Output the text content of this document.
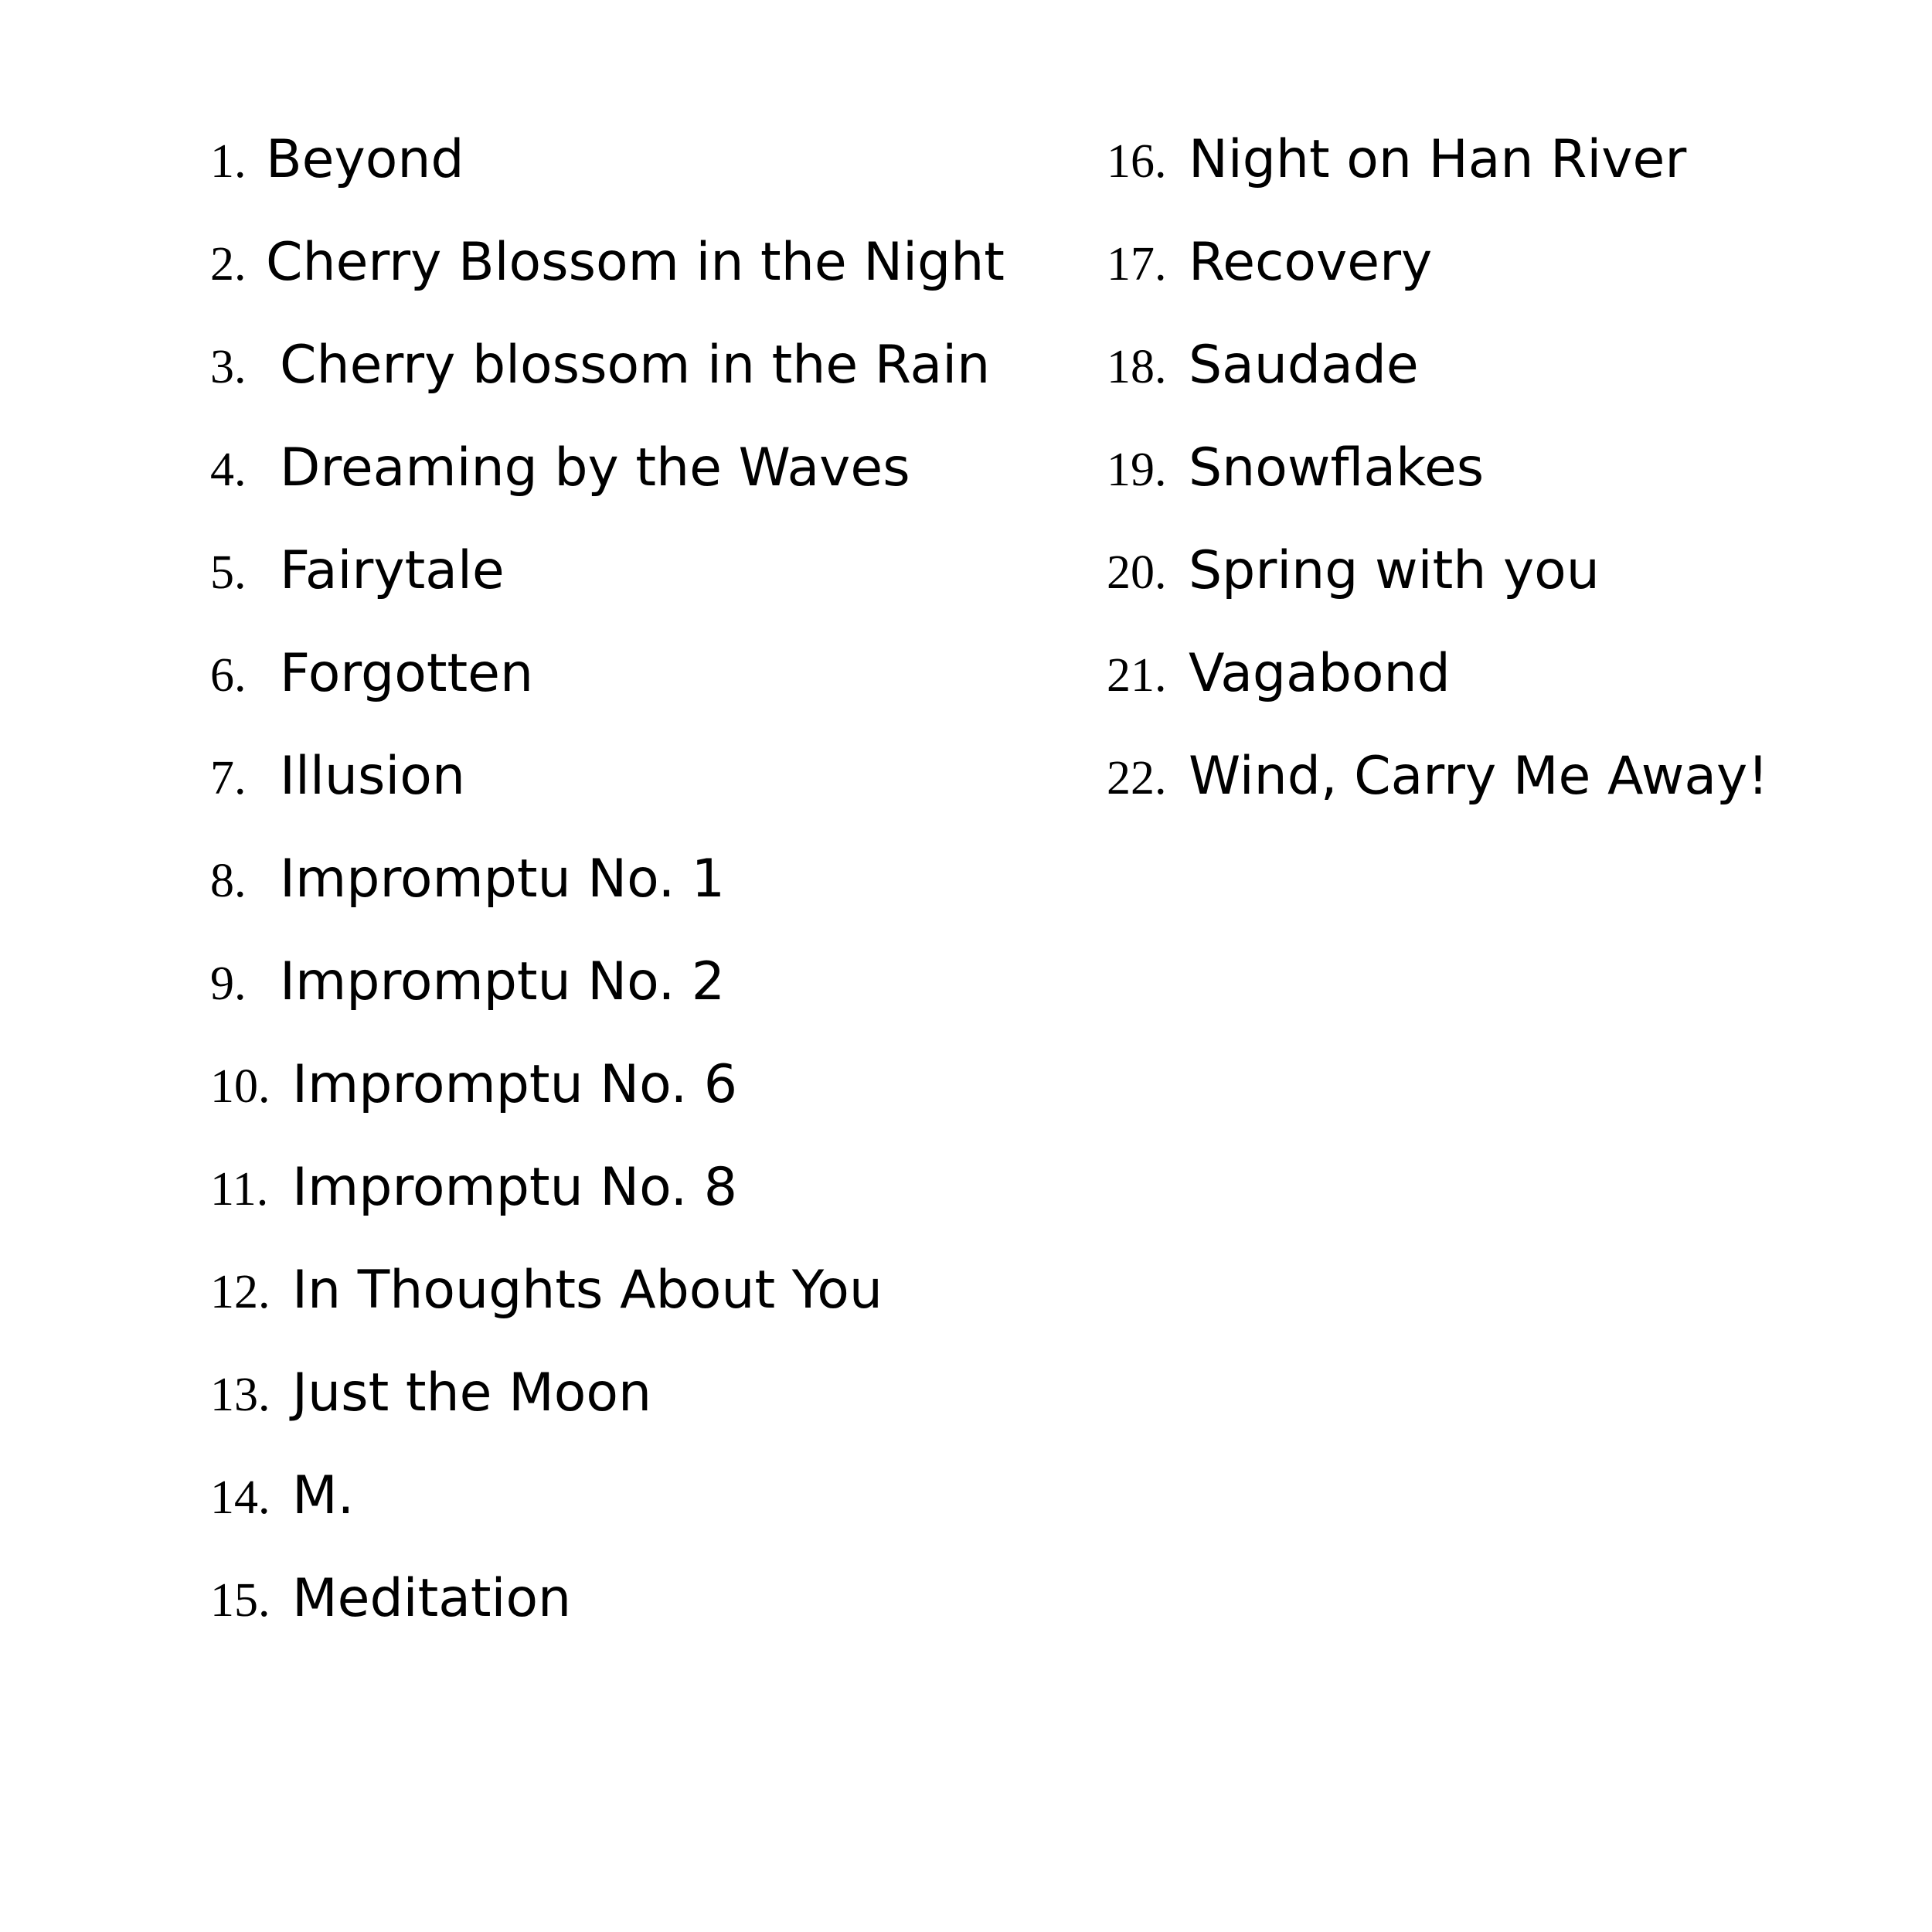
1. Beyond
2. Cherry Blossom in the Night
3. Cherry blossom in the Rain
4. Dreaming by the Waves
5. Fairytale
6. Forgotten
7. Illusion
8. Impromptu No. 1
9. Impromptu No. 2
10. Impromptu No. 6
11. Impromptu No. 8
12. In Thoughts About You
13. Just the Moon
14. M.
15. Meditation
16. Night on Han River
17. Recovery
18. Saudade
19. Snowflakes
20. Spring with you
21. Vagabond
22. Wind, Carry Me Away!
